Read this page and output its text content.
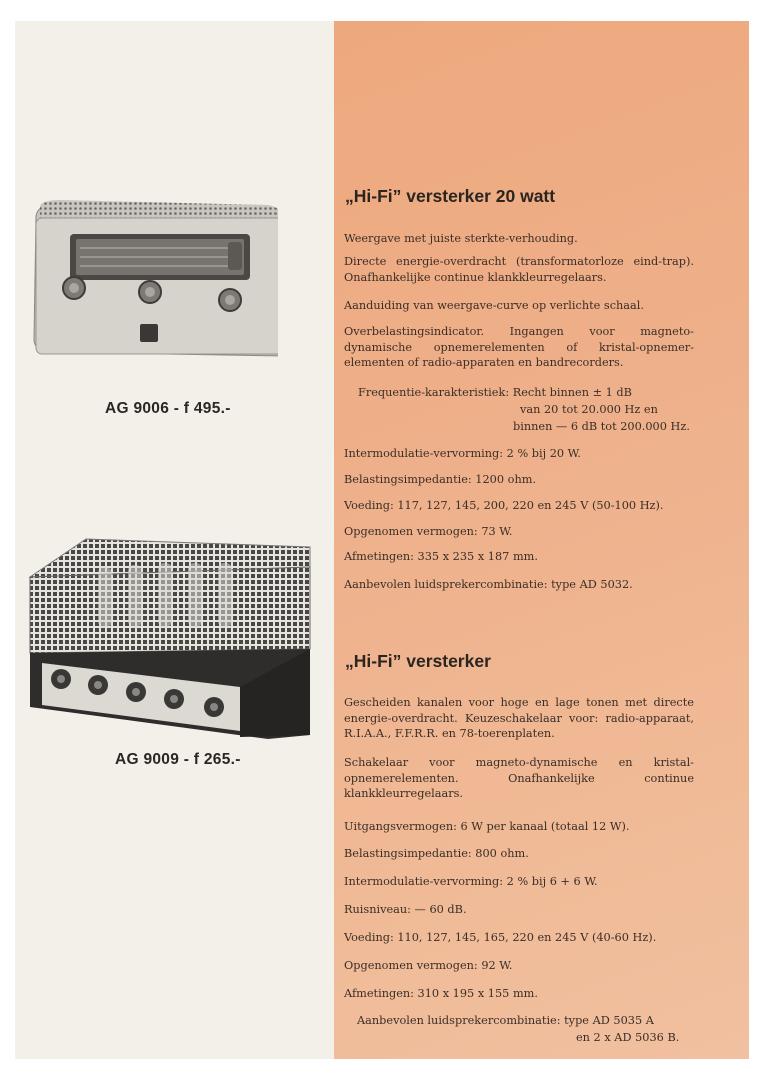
AG 9006 - f 495.-
AG 9009 - f 265.-
„Hi-Fi” versterker 20 watt
Weergave met juiste sterkte-verhouding.
Directe energie-overdracht (transformatorloze eind-trap). Onafhankelijke continue klankkleurregelaars.
Aanduiding van weergave-curve op verlichte schaal.
Overbelastingsindicator. Ingangen voor magneto-dynamische opnemerelementen of kristal-opnemer-elementen of radio-apparaten en bandrecorders.
Frequentie-karakteristiek: Recht binnen ± 1 dB
van 20 tot 20.000 Hz en
binnen — 6 dB tot 200.000 Hz.
Intermodulatie-vervorming: 2 % bij 20 W.
Belastingsimpedantie: 1200 ohm.
Voeding: 117, 127, 145, 200, 220 en 245 V (50-100 Hz).
Opgenomen vermogen: 73 W.
Afmetingen: 335 x 235 x 187 mm.
Aanbevolen luidsprekercombinatie: type AD 5032.
„Hi-Fi” versterker
Gescheiden kanalen voor hoge en lage tonen met directe energie-overdracht. Keuzeschakelaar voor: radio-apparaat, R.I.A.A., F.F.R.R. en 78-toerenplaten.
Schakelaar voor magneto-dynamische en kristal-opnemerelementen. Onafhankelijke continue klankkleurregelaars.
Uitgangsvermogen: 6 W per kanaal (totaal 12 W).
Belastingsimpedantie: 800 ohm.
Intermodulatie-vervorming: 2 % bij 6 + 6 W.
Ruisniveau: — 60 dB.
Voeding: 110, 127, 145, 165, 220 en 245 V (40-60 Hz).
Opgenomen vermogen: 92 W.
Afmetingen: 310 x 195 x 155 mm.
Aanbevolen luidsprekercombinatie: type AD 5035 A
en 2 x AD 5036 B.
